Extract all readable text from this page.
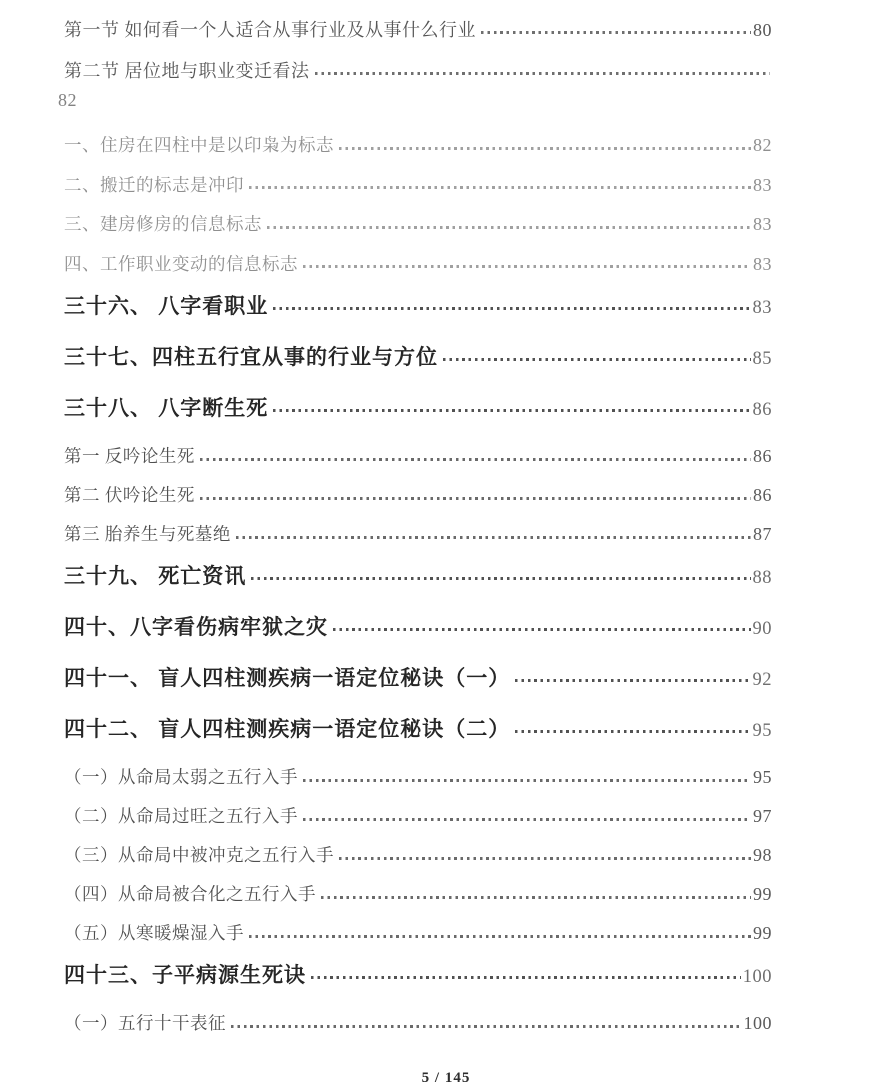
第一节 如何看一个人适合从事行业及从事什么行业	80
第二节 居位地与职业变迁看法
82
一、住房在四柱中是以印枭为标志	82
二、搬迁的标志是冲印	83
三、建房修房的信息标志	83
四、工作职业变动的信息标志	83
三十六、 八字看职业	83
三十七、四柱五行宜从事的行业与方位	85
三十八、 八字断生死	86
第一 反吟论生死	86
第二 伏吟论生死	86
第三 胎养生与死墓绝	87
三十九、 死亡资讯	88
四十、八字看伤病牢狱之灾	90
四十一、 盲人四柱测疾病一语定位秘诀（一）	92
四十二、 盲人四柱测疾病一语定位秘诀（二）	95
（一）从命局太弱之五行入手	95
（二）从命局过旺之五行入手	97
（三）从命局中被冲克之五行入手	98
（四）从命局被合化之五行入手	99
（五）从寒暖燥湿入手	99
四十三、子平病源生死诀	100
（一）五行十干表征	100
5 / 145
